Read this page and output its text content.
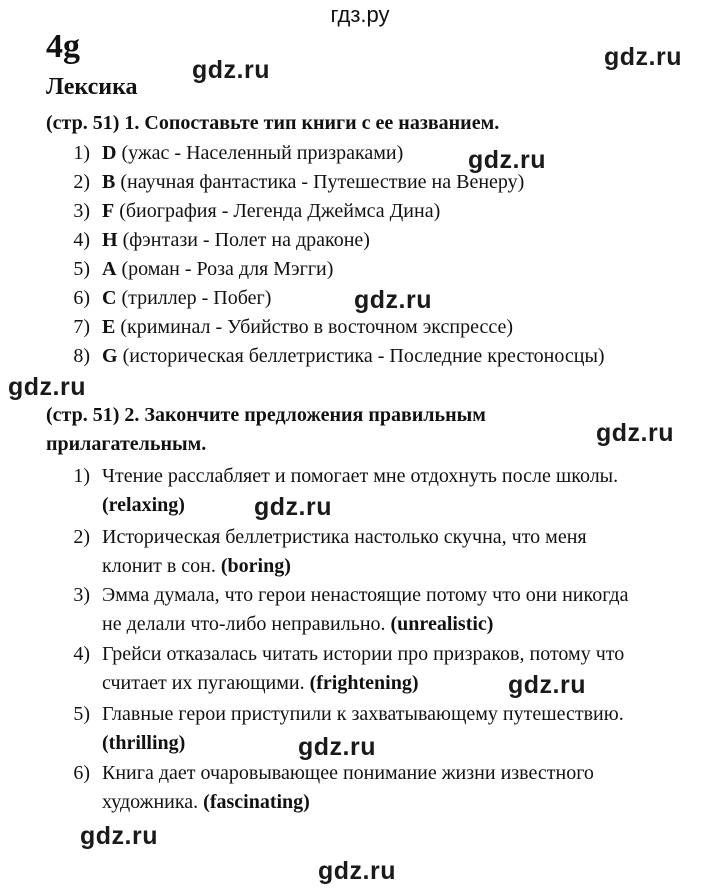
гдз.ру
4g
Лексика
(стр. 51) 1. Сопоставьте тип книги с ее названием.
1) D (ужас - Населенный призраками)
2) B (научная фантастика - Путешествие на Венеру)
3) F (биография - Легенда Джеймса Дина)
4) H (фэнтази - Полет на драконе)
5) A (роман - Роза для Мэгги)
6) C (триллер - Побег)
7) E (криминал - Убийство в восточном экспрессе)
8) G (историческая беллетристика - Последние крестоносцы)
(стр. 51) 2. Закончите предложения правильным
прилагательным.
1) Чтение расслабляет и помогает мне отдохнуть после школы.
(relaxing)
2) Историческая беллетристика настолько скучна, что меня
клонит в сон. (boring)
3) Эмма думала, что герои ненастоящие потому что они никогда
не делали что-либо неправильно. (unrealistic)
4) Грейси отказалась читать истории про призраков, потому что
считает их пугающими. (frightening)
5) Главные герои приступили к захватывающему путешествию.
(thrilling)
6) Книга дает очаровывающее понимание жизни известного
художника. (fascinating)
gdz.ru
gdz.ru
gdz.ru
gdz.ru
gdz.ru
gdz.ru
gdz.ru
gdz.ru
gdz.ru
gdz.ru
gdz.ru
